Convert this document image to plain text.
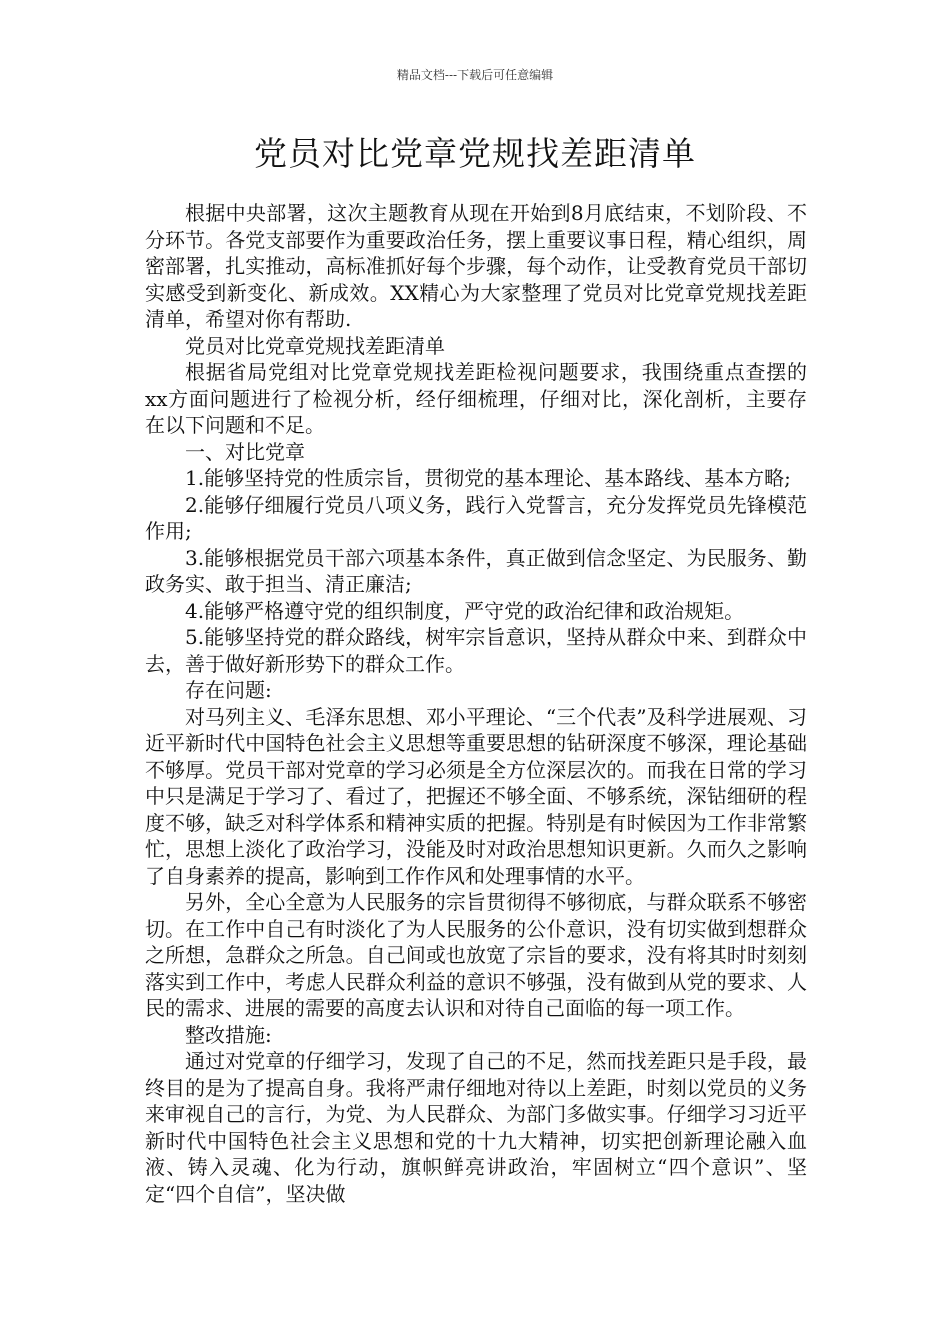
精品文档---下载后可任意编辑
党员对比党章党规找差距清单

根据中央部署，这次主题教育从现在开始到8月底结束，不划阶段、不分环节。各党支部要作为重要政治任务，摆上重要议事日程，精心组织，周密部署，扎实推动，高标准抓好每个步骤，每个动作，让受教育党员干部切实感受到新变化、新成效。XX精心为大家整理了党员对比党章党规找差距清单，希望对你有帮助.

党员对比党章党规找差距清单

根据省局党组对比党章党规找差距检视问题要求，我围绕重点查摆的xx方面问题进行了检视分析，经仔细梳理，仔细对比，深化剖析，主要存在以下问题和不足。

一、对比党章

1.能够坚持党的性质宗旨，贯彻党的基本理论、基本路线、基本方略;

2.能够仔细履行党员八项义务，践行入党誓言，充分发挥党员先锋模范作用;

3.能够根据党员干部六项基本条件，真正做到信念坚定、为民服务、勤政务实、敢于担当、清正廉洁;

4.能够严格遵守党的组织制度，严守党的政治纪律和政治规矩。

5.能够坚持党的群众路线，树牢宗旨意识，坚持从群众中来、到群众中去，善于做好新形势下的群众工作。

存在问题:

对马列主义、毛泽东思想、邓小平理论、“三个代表”及科学进展观、习近平新时代中国特色社会主义思想等重要思想的钻研深度不够深，理论基础不够厚。党员干部对党章的学习必须是全方位深层次的。而我在日常的学习中只是满足于学习了、看过了，把握还不够全面、不够系统，深钻细研的程度不够，缺乏对科学体系和精神实质的把握。特别是有时候因为工作非常繁忙，思想上淡化了政治学习，没能及时对政治思想知识更新。久而久之影响了自身素养的提高，影响到工作作风和处理事情的水平。

另外，全心全意为人民服务的宗旨贯彻得不够彻底，与群众联系不够密切。在工作中自己有时淡化了为人民服务的公仆意识，没有切实做到想群众之所想，急群众之所急。自己间或也放宽了宗旨的要求，没有将其时时刻刻落实到工作中，考虑人民群众利益的意识不够强，没有做到从党的要求、人民的需求、进展的需要的高度去认识和对待自己面临的每一项工作。

整改措施:

通过对党章的仔细学习，发现了自己的不足，然而找差距只是手段，最终目的是为了提高自身。我将严肃仔细地对待以上差距，时刻以党员的义务来审视自己的言行，为党、为人民群众、为部门多做实事。仔细学习习近平新时代中国特色社会主义思想和党的十九大精神，切实把创新理论融入血液、铸入灵魂、化为行动，旗帜鲜亮讲政治，牢固树立“四个意识”、坚定“四个自信”，坚决做
